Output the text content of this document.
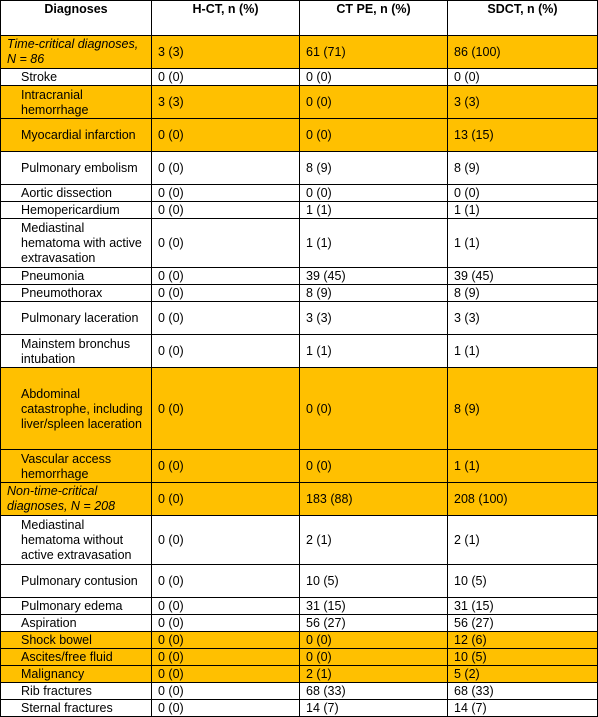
Diagnoses	H-CT, n (%)	CT PE, n (%)	SDCT, n (%)
Time-critical diagnoses, N = 86	3 (3)	61 (71)	86 (100)
Stroke	0 (0)	0 (0)	0 (0)
Intracranial hemorrhage	3 (3)	0 (0)	3 (3)
Myocardial infarction	0 (0)	0 (0)	13 (15)
Pulmonary embolism	0 (0)	8 (9)	8 (9)
Aortic dissection	0 (0)	0 (0)	0 (0)
Hemopericardium	0 (0)	1 (1)	1 (1)
Mediastinal hematoma with active extravasation	0 (0)	1 (1)	1 (1)
Pneumonia	0 (0)	39 (45)	39 (45)
Pneumothorax	0 (0)	8 (9)	8 (9)
Pulmonary laceration	0 (0)	3 (3)	3 (3)
Mainstem bronchus intubation	0 (0)	1 (1)	1 (1)
Abdominal catastrophe, including liver/spleen laceration	0 (0)	0 (0)	8 (9)
Vascular access hemorrhage	0 (0)	0 (0)	1 (1)
Non-time-critical diagnoses, N = 208	0 (0)	183 (88)	208 (100)
Mediastinal hematoma without active extravasation	0 (0)	2 (1)	2 (1)
Pulmonary contusion	0 (0)	10 (5)	10 (5)
Pulmonary edema	0 (0)	31 (15)	31 (15)
Aspiration	0 (0)	56 (27)	56 (27)
Shock bowel	0 (0)	0 (0)	12 (6)
Ascites/free fluid	0 (0)	0 (0)	10 (5)
Malignancy	0 (0)	2 (1)	5 (2)
Rib fractures	0 (0)	68 (33)	68 (33)
Sternal fractures	0 (0)	14 (7)	14 (7)
